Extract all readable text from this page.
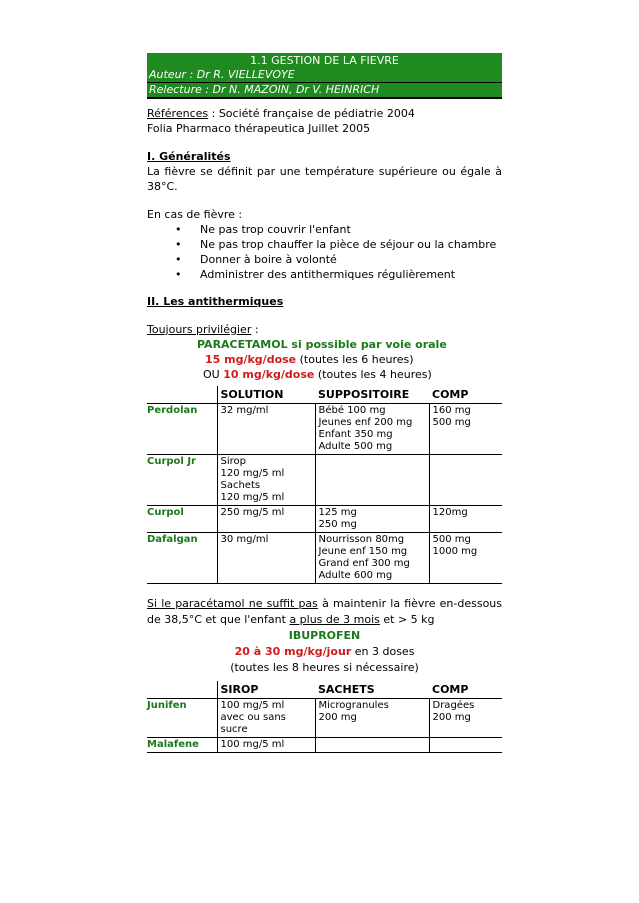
1.1 GESTION DE LA FIEVRE
Auteur : Dr R. VIELLEVOYE
Relecture : Dr N. MAZOIN, Dr V. HEINRICH

Références : Société française de pédiatrie 2004

Folia Pharmaco thérapeutica Juillet 2005

I. Généralités

La fièvre se définit par une température supérieure ou égale à 38°C.

En cas de fièvre :

• Ne pas trop couvrir l'enfant
• Ne pas trop chauffer la pièce de séjour ou la chambre
• Donner à boire à volonté
• Administrer des antithermiques régulièrement

II. Les antithermiques

Toujours privilégier :

PARACETAMOL si possible par voie orale

15 mg/kg/dose (toutes les 6 heures)

OU 10 mg/kg/dose (toutes les 4 heures)

	SOLUTION	SUPPOSITOIRE	COMP

Perdolan	32 mg/ml	Bébé 100 mg
Jeunes enf 200 mg
Enfant 350 mg
Adulte 500 mg	160 mg
500 mg

Curpol Jr	Sirop
120 mg/5 ml
Sachets
120 mg/5 ml		

Curpol	250 mg/5 ml	125 mg
250 mg	120mg

Dafalgan	30 mg/ml	Nourrisson 80mg
Jeune enf 150 mg
Grand enf 300 mg
Adulte 600 mg	500 mg
1000 mg

Si le paracétamol ne suffit pas à maintenir la fièvre en-dessous de 38,5°C et que l'enfant a plus de 3 mois et > 5 kg

IBUPROFEN

20 à 30 mg/kg/jour en 3 doses

(toutes les 8 heures si nécessaire)

	SIROP	SACHETS	COMP

Junifen	100 mg/5 ml
avec ou sans
sucre	Microgranules
200 mg	Dragées
200 mg

Malafene	100 mg/5 ml		
